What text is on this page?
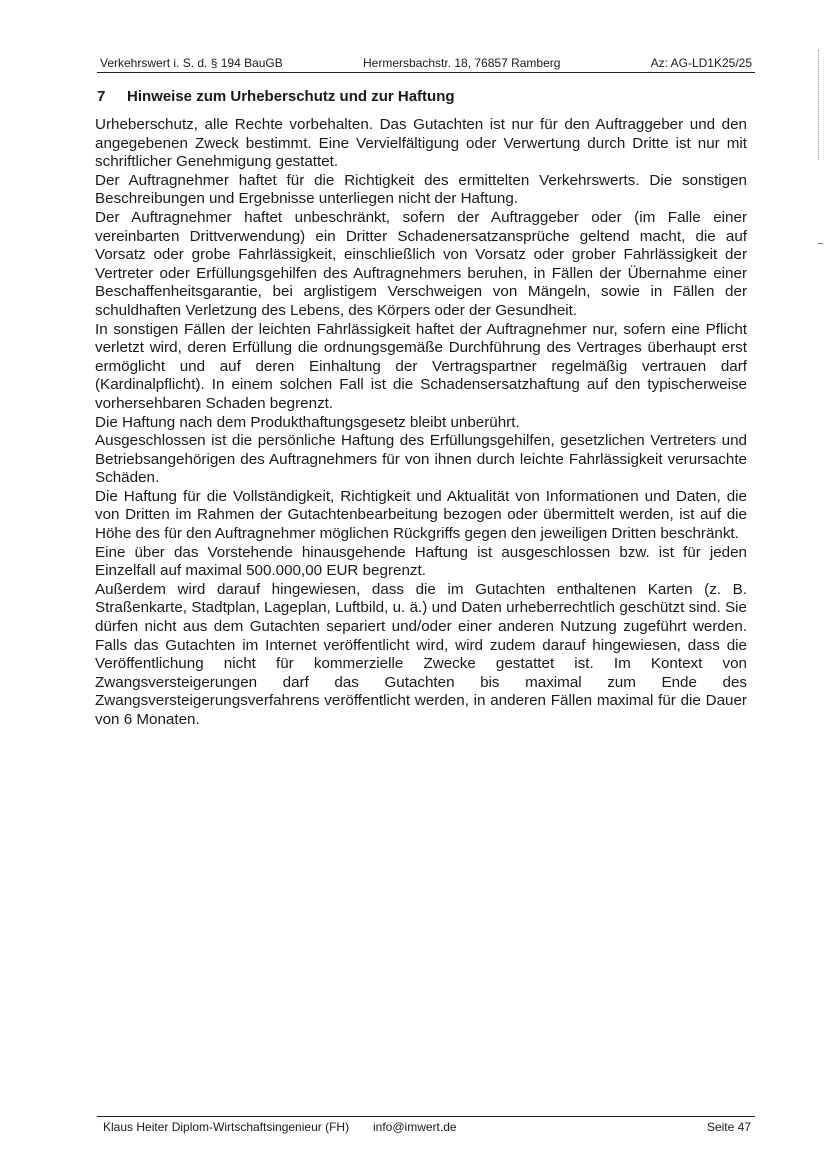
Verkehrswert i. S. d. § 194 BauGB	Hermersbachstr. 18, 76857 Ramberg	Az: AG-LD1K25/25
7 Hinweise zum Urheberschutz und zur Haftung

Urheberschutz, alle Rechte vorbehalten. Das Gutachten ist nur für den Auftraggeber und den angegebenen Zweck bestimmt. Eine Vervielfältigung oder Verwertung durch Dritte ist nur mit schriftlicher Genehmigung gestattet.

Der Auftragnehmer haftet für die Richtigkeit des ermittelten Verkehrswerts. Die sonstigen Beschreibungen und Ergebnisse unterliegen nicht der Haftung.

Der Auftragnehmer haftet unbeschränkt, sofern der Auftraggeber oder (im Falle einer vereinbarten Drittverwendung) ein Dritter Schadenersatzansprüche geltend macht, die auf Vorsatz oder grobe Fahrlässigkeit, einschließlich von Vorsatz oder grober Fahrlässigkeit der Vertreter oder Erfüllungsgehilfen des Auftragnehmers beruhen, in Fällen der Übernahme einer Beschaffenheitsgarantie, bei arglistigem Verschweigen von Mängeln, sowie in Fällen der schuldhaften Verletzung des Lebens, des Körpers oder der Gesundheit.

In sonstigen Fällen der leichten Fahrlässigkeit haftet der Auftragnehmer nur, sofern eine Pflicht verletzt wird, deren Erfüllung die ordnungsgemäße Durchführung des Vertrages überhaupt erst ermöglicht und auf deren Einhaltung der Vertragspartner regelmäßig vertrauen darf (Kardinalpflicht). In einem solchen Fall ist die Schadensersatzhaftung auf den typischerweise vorhersehbaren Schaden begrenzt.

Die Haftung nach dem Produkthaftungsgesetz bleibt unberührt.

Ausgeschlossen ist die persönliche Haftung des Erfüllungsgehilfen, gesetzlichen Vertreters und Betriebsangehörigen des Auftragnehmers für von ihnen durch leichte Fahrlässigkeit verursachte Schäden.

Die Haftung für die Vollständigkeit, Richtigkeit und Aktualität von Informationen und Daten, die von Dritten im Rahmen der Gutachtenbearbeitung bezogen oder übermittelt werden, ist auf die Höhe des für den Auftragnehmer möglichen Rückgriffs gegen den jeweiligen Dritten beschränkt.

Eine über das Vorstehende hinausgehende Haftung ist ausgeschlossen bzw. ist für jeden Einzelfall auf maximal 500.000,00 EUR begrenzt.

Außerdem wird darauf hingewiesen, dass die im Gutachten enthaltenen Karten (z. B. Straßenkarte, Stadtplan, Lageplan, Luftbild, u. ä.) und Daten urheberrechtlich geschützt sind. Sie dürfen nicht aus dem Gutachten separiert und/oder einer anderen Nutzung zugeführt werden. Falls das Gutachten im Internet veröffentlicht wird, wird zudem darauf hingewiesen, dass die Veröffentlichung nicht für kommerzielle Zwecke gestattet ist. Im Kontext von Zwangsversteigerungen darf das Gutachten bis maximal zum Ende des Zwangsversteigerungsverfahrens veröffentlicht werden, in anderen Fällen maximal für die Dauer von 6 Monaten.

Klaus Heiter Diplom-Wirtschaftsingenieur (FH) info@imwert.de	Seite 47
